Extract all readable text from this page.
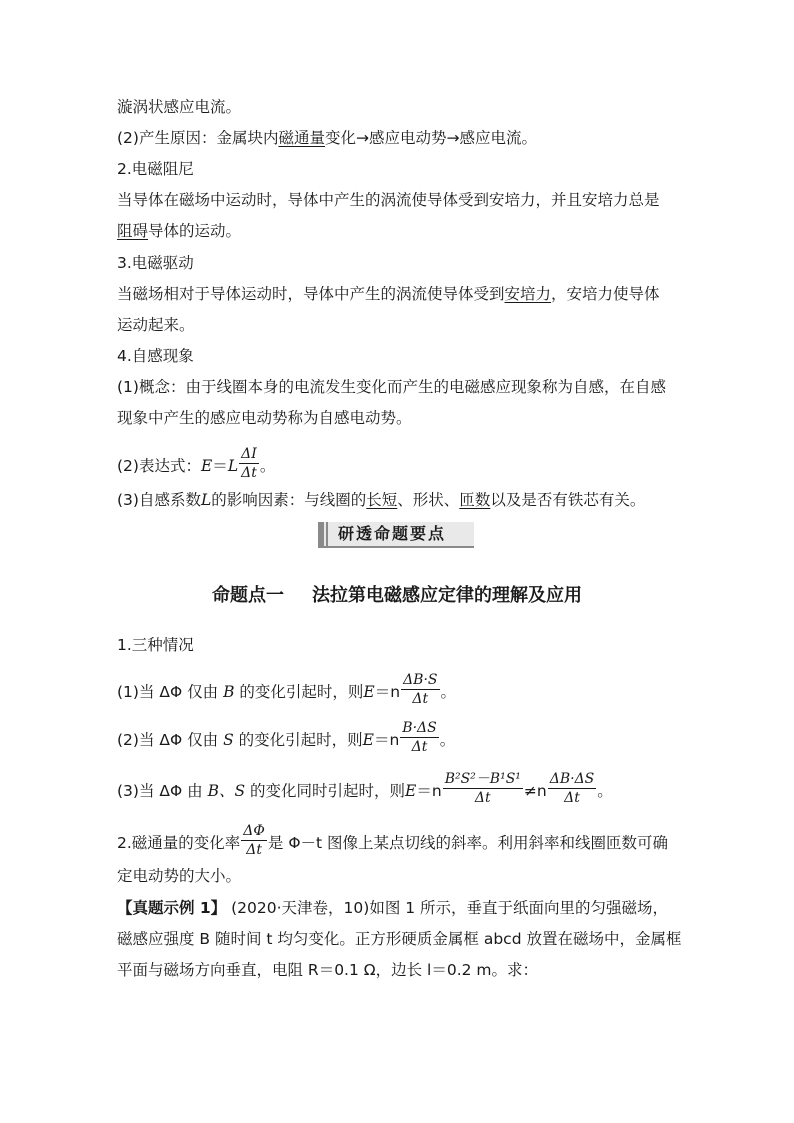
漩涡状感应电流。
(2)产生原因：金属块内磁通量变化→感应电动势→感应电流。
2.电磁阻尼
当导体在磁场中运动时，导体中产生的涡流使导体受到安培力，并且安培力总是
阻碍导体的运动。
3.电磁驱动
当磁场相对于导体运动时，导体中产生的涡流使导体受到安培力，安培力使导体
运动起来。
4.自感现象
(1)概念：由于线圈本身的电流发生变化而产生的电磁感应现象称为自感，在自感
现象中产生的感应电动势称为自感电动势。
(2)表达式：$E=L \frac{\Delta I}{\Delta t}$ 。
(3)自感系数L的影响因素：与线圈的长短、形状、匝数以及是否有铁芯有关。
研透命题要点
命题点一 法拉第电磁感应定律的理解及应用
1.三种情况
(1)当 ΔΦ 仅由 B 的变化引起时，则$E=n \frac{\Delta B\cdot S}{\Delta t}$ 。
(2)当 ΔΦ 仅由 S 的变化引起时，则$E=n \frac{B\cdot\Delta S}{\Delta t}$ 。
(3)当 ΔΦ 由 B、S 的变化同时引起时，则$E=n \frac{\text{B²S²－B¹S¹}}{\Delta t} \ne n \frac{\Delta B\cdot\Delta S}{\Delta t}$ 。
2.磁通量的变化率 $\frac{\Delta\Phi}{\Delta t}$ 是 Φ－t 图像上某点切线的斜率。利用斜率和线圈匝数可确
定电动势的大小。
【真题示例 1】 (2020·天津卷，10)如图 1 所示，垂直于纸面向里的匀强磁场，
磁感应强度 B 随时间 t 均匀变化。正方形硬质金属框 abcd 放置在磁场中，金属框
平面与磁场方向垂直，电阻 R＝0.1 Ω，边长 l＝0.2 m。求：
